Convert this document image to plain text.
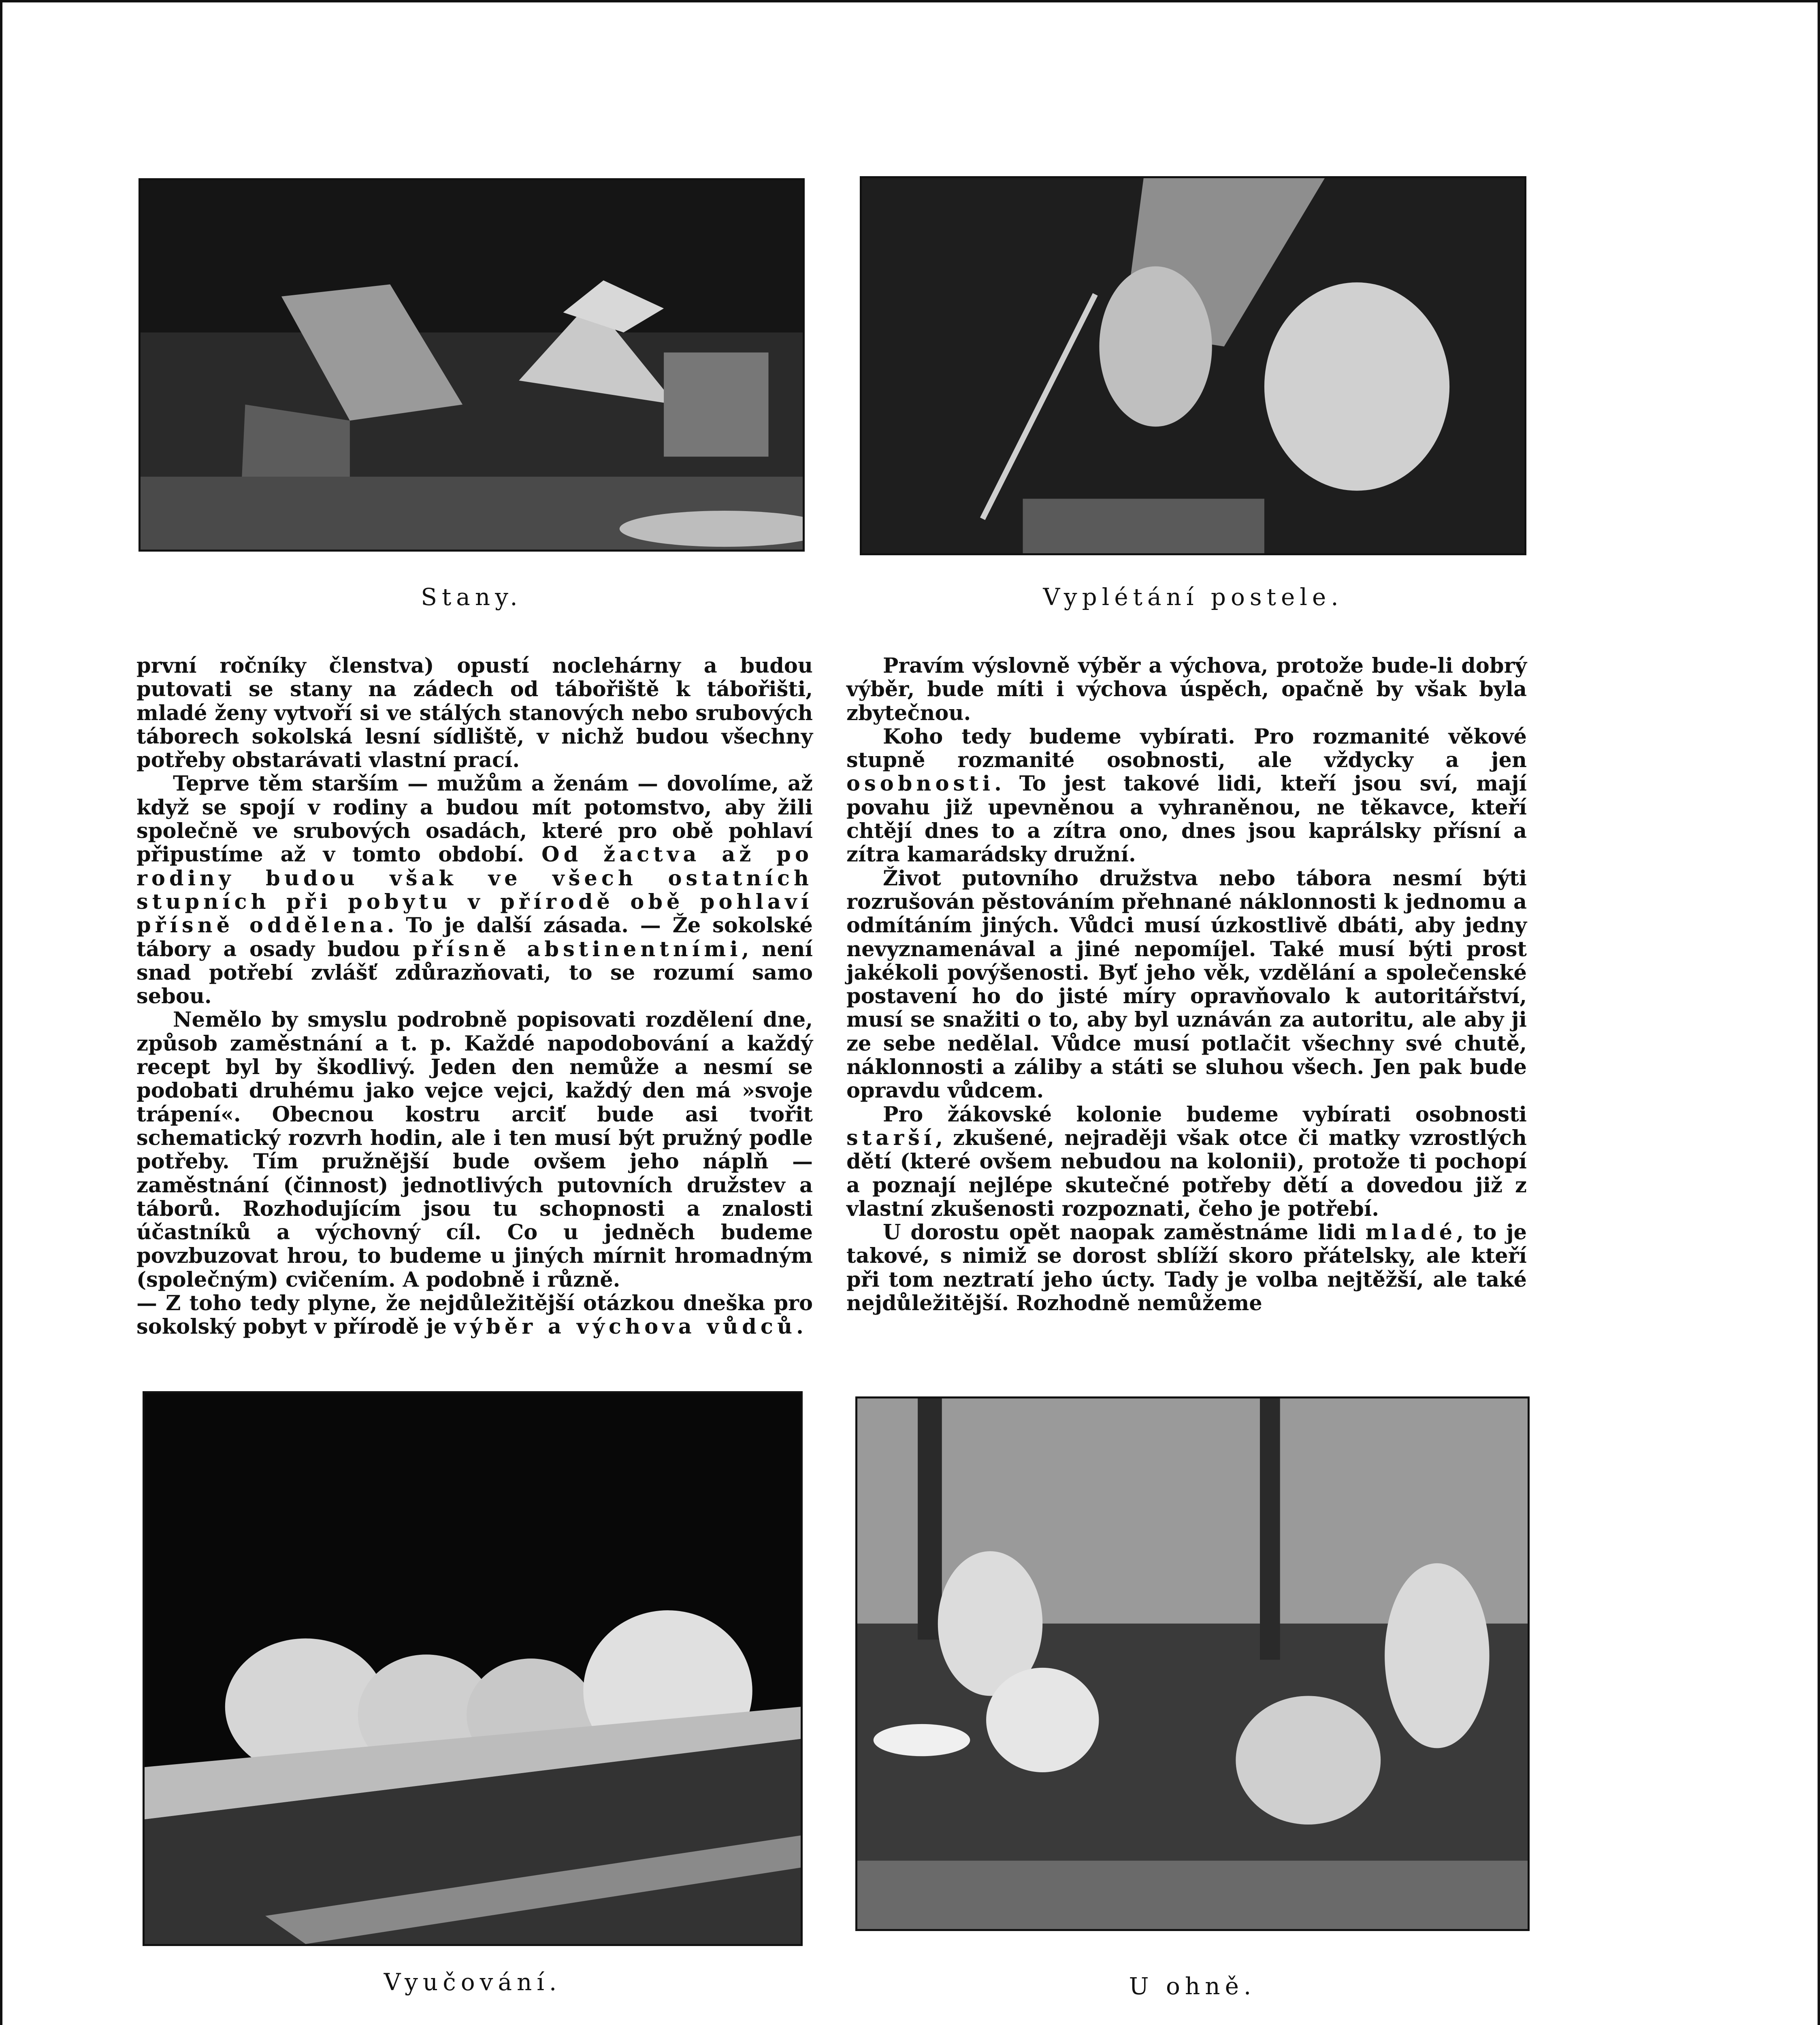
Stany.	Vyplétání postele.

první ročníky členstva) opustí noclehárny a budou putovati se stany na zádech od tábořiště k tábořišti, mladé ženy vytvoří si ve stálých stanových nebo srubových táborech sokolská lesní sídliště, v nichž budou všechny potřeby obstarávati vlastní prací.

Teprve těm starším — mužům a ženám — dovolíme, až když se spojí v rodiny a budou mít potomstvo, aby žili společně ve srubových osadách, které pro obě pohlaví připustíme až v tomto období. Od žactva až po rodiny budou však ve všech ostatních stupních při pobytu v přírodě obě pohlaví přísně oddělena. To je další zásada. — Že sokolské tábory a osady budou přísně abstinentními, není snad potřebí zvlášť zdůrazňovati, to se rozumí samo sebou.

Nemělo by smyslu podrobně popisovati rozdělení dne, způsob zaměstnání a t. p. Každé napodobování a každý recept byl by škodlivý. Jeden den nemůže a nesmí se podobati druhému jako vejce vejci, každý den má »svoje trápení«. Obecnou kostru arciť bude asi tvořit schematický rozvrh hodin, ale i ten musí být pružný podle potřeby. Tím pružnější bude ovšem jeho náplň — zaměstnání (činnost) jednotlivých putovních družstev a táborů. Rozhodujícím jsou tu schopnosti a znalosti účastníků a výchovný cíl. Co u jedněch budeme povzbuzovat hrou, to budeme u jiných mírnit hromadným (společným) cvičením. A podobně i různě.

— Z toho tedy plyne, že nejdůležitější otázkou dneška pro sokolský pobyt v přírodě je výběr a výchova vůdců.

Pravím výslovně výběr a výchova, protože bude-li dobrý výběr, bude míti i výchova úspěch, opačně by však byla zbytečnou.

Koho tedy budeme vybírati. Pro rozmanité věkové stupně rozmanité osobnosti, ale vždycky a jen osobnosti. To jest takové lidi, kteří jsou sví, mají povahu již upevněnou a vyhraněnou, ne těkavce, kteří chtějí dnes to a zítra ono, dnes jsou kaprálsky přísní a zítra kamarádsky družní.

Život putovního družstva nebo tábora nesmí býti rozrušován pěstováním přehnané náklonnosti k jednomu a odmítáním jiných. Vůdci musí úzkostlivě dbáti, aby jedny nevyznamenával a jiné nepomíjel. Také musí býti prost jakékoli povýšenosti. Byť jeho věk, vzdělání a společenské postavení ho do jisté míry opravňovalo k autoritářství, musí se snažiti o to, aby byl uznáván za autoritu, ale aby ji ze sebe nedělal. Vůdce musí potlačit všechny své chutě, náklonnosti a záliby a státi se sluhou všech. Jen pak bude opravdu vůdcem.

Pro žákovské kolonie budeme vybírati osobnosti starší, zkušené, nejraději však otce či matky vzrostlých dětí (které ovšem nebudou na kolonii), protože ti pochopí a poznají nejlépe skutečné potřeby dětí a dovedou již z vlastní zkušenosti rozpoznati, čeho je potřebí.

U dorostu opět naopak zaměstnáme lidi mladé, to je takové, s nimiž se dorost sblíží skoro přátelsky, ale kteří při tom neztratí jeho úcty. Tady je volba nejtěžší, ale také nejdůležitější. Rozhodně nemůžeme

Vyučování.	U ohně.
